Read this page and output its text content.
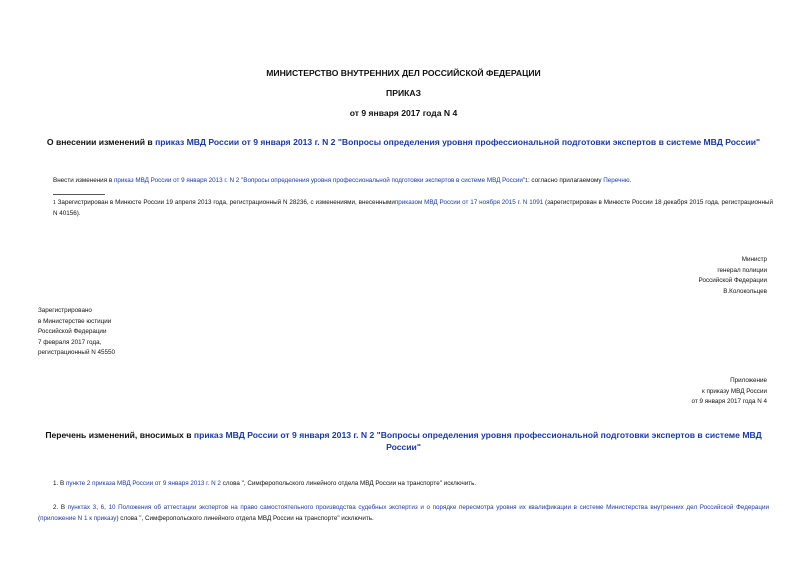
МИНИСТЕРСТВО ВНУТРЕННИХ ДЕЛ РОССИЙСКОЙ ФЕДЕРАЦИИ
ПРИКАЗ
от 9 января 2017 года N 4
О внесении изменений в приказ МВД России от 9 января 2013 г. N 2 "Вопросы определения уровня профессиональной подготовки экспертов в системе МВД России"
Внести изменения в приказ МВД России от 9 января 2013 г. N 2 "Вопросы определения уровня профессиональной подготовки экспертов в системе МВД России"$^1$: согласно прилагаемому Перечню.
$^1$ Зарегистрирован в Минюсте России 19 апреля 2013 года, регистрационный N 28236, с изменениями, внесеннымиприказом МВД России от 17 ноября 2015 г. N 1091 (зарегистрирован в Минюсте России 18 декабря 2015 года, регистрационный N 40156).
Министр
генерал полиции
Российской Федерации
В.Колокольцев
Зарегистрировано
в Министерстве юстиции
Российской Федерации
7 февраля 2017 года,
регистрационный N 45550
Приложение
к приказу МВД России
от 9 января 2017 года N 4
Перечень изменений, вносимых в приказ МВД России от 9 января 2013 г. N 2 "Вопросы определения уровня профессиональной подготовки экспертов в системе МВД России"
1. В пункте 2 приказа МВД России от 9 января 2013 г. N 2 слова ", Симферопольского линейного отдела МВД России на транспорте" исключить.
2. В пунктах 3, 6, 10 Положения об аттестации экспертов на право самостоятельного производства судебных экспертиз и о порядке пересмотра уровня их квалификации в системе Министерства внутренних дел Российской Федерации (приложение N 1 к приказу) слова ", Симферопольского линейного отдела МВД России на транспорте" исключить.
